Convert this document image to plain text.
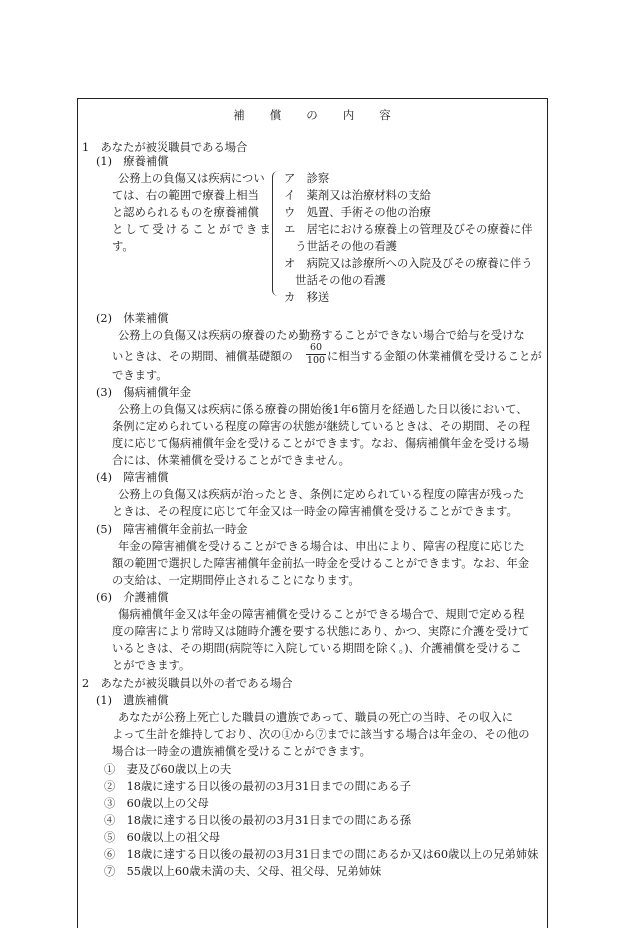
補 償 の 内 容
1　あなたが被災職員である場合
(1)　療養補償
公務上の負傷又は疾病につい
ては、右の範囲で療養上相当
と認められるものを療養補償
として受けることができま
す。
ア　診察
イ　薬剤又は治療材料の支給
ウ　処置、手術その他の治療
エ　居宅における療養上の管理及びその療養に伴
　う世話その他の看護
オ　病院又は診療所への入院及びその療養に伴う
　世話その他の看護
カ　移送
(2)　休業補償
公務上の負傷又は疾病の療養のため勤務することができない場合で給与を受けな
いときは、その期間、補償基礎額の $\frac{60}{100}$ に相当する金額の休業補償を受けることが
できます。
(3)　傷病補償年金
公務上の負傷又は疾病に係る療養の開始後1年6箇月を経過した日以後において、
条例に定められている程度の障害の状態が継続しているときは、その期間、その程
度に応じて傷病補償年金を受けることができます。なお、傷病補償年金を受ける場
合には、休業補償を受けることができません。
(4)　障害補償
公務上の負傷又は疾病が治ったとき、条例に定められている程度の障害が残った
ときは、その程度に応じて年金又は一時金の障害補償を受けることができます。
(5)　障害補償年金前払一時金
年金の障害補償を受けることができる場合は、申出により、障害の程度に応じた
額の範囲で選択した障害補償年金前払一時金を受けることができます。なお、年金
の支給は、一定期間停止されることになります。
(6)　介護補償
傷病補償年金又は年金の障害補償を受けることができる場合で、規則で定める程
度の障害により常時又は随時介護を要する状態にあり、かつ、実際に介護を受けて
いるときは、その期間(病院等に入院している期間を除く。)、介護補償を受けるこ
とができます。
2　あなたが被災職員以外の者である場合
(1)　遺族補償
あなたが公務上死亡した職員の遺族であって、職員の死亡の当時、その収入に
よって生計を維持しており、次の①から⑦までに該当する場合は年金の、その他の
場合は一時金の遺族補償を受けることができます。
①　妻及び60歳以上の夫
②　18歳に達する日以後の最初の3月31日までの間にある子
③　60歳以上の父母
④　18歳に達する日以後の最初の3月31日までの間にある孫
⑤　60歳以上の祖父母
⑥　18歳に達する日以後の最初の3月31日までの間にあるか又は60歳以上の兄弟姉妹
⑦　55歳以上60歳未満の夫、父母、祖父母、兄弟姉妹
